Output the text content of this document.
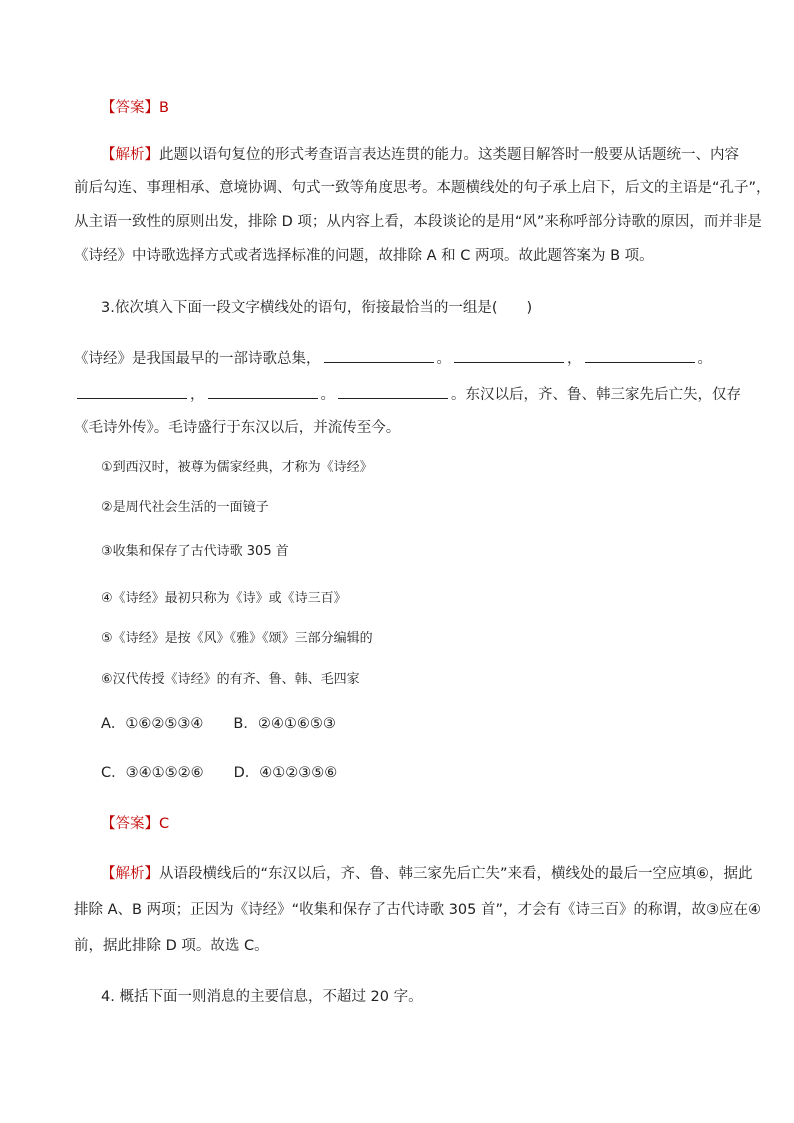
【答案】B
【解析】此题以语句复位的形式考查语言表达连贯的能力。这类题目解答时一般要从话题统一、内容
前后勾连、事理相承、意境协调、句式一致等角度思考。本题横线处的句子承上启下，后文的主语是“孔子”，
从主语一致性的原则出发，排除 D 项；从内容上看，本段谈论的是用“风”来称呼部分诗歌的原因，而并非是
《诗经》中诗歌选择方式或者选择标准的问题，故排除 A 和 C 两项。故此题答案为 B 项。
3.依次填入下面一段文字横线处的语句，衔接最恰当的一组是(　　)
《诗经》是我国最早的一部诗歌总集，	。	，	。
，	。	。东汉以后，齐、鲁、韩三家先后亡失，仅存
《毛诗外传》。毛诗盛行于东汉以后，并流传至今。
①到西汉时，被尊为儒家经典，才称为《诗经》
②是周代社会生活的一面镜子
③收集和保存了古代诗歌 305 首
④《诗经》最初只称为《诗》或《诗三百》
⑤《诗经》是按《风》《雅》《颂》三部分编辑的
⑥汉代传授《诗经》的有齐、鲁、韩、毛四家
A．①⑥②⑤③④ B．②④①⑥⑤③
C．③④①⑤②⑥ D．④①②③⑤⑥
【答案】C
【解析】从语段横线后的“东汉以后，齐、鲁、韩三家先后亡失”来看，横线处的最后一空应填⑥，据此
排除 A、B 两项；正因为《诗经》“收集和保存了古代诗歌 305 首”，才会有《诗三百》的称谓，故③应在④
前，据此排除 D 项。故选 C。
4. 概括下面一则消息的主要信息，不超过 20 字。
